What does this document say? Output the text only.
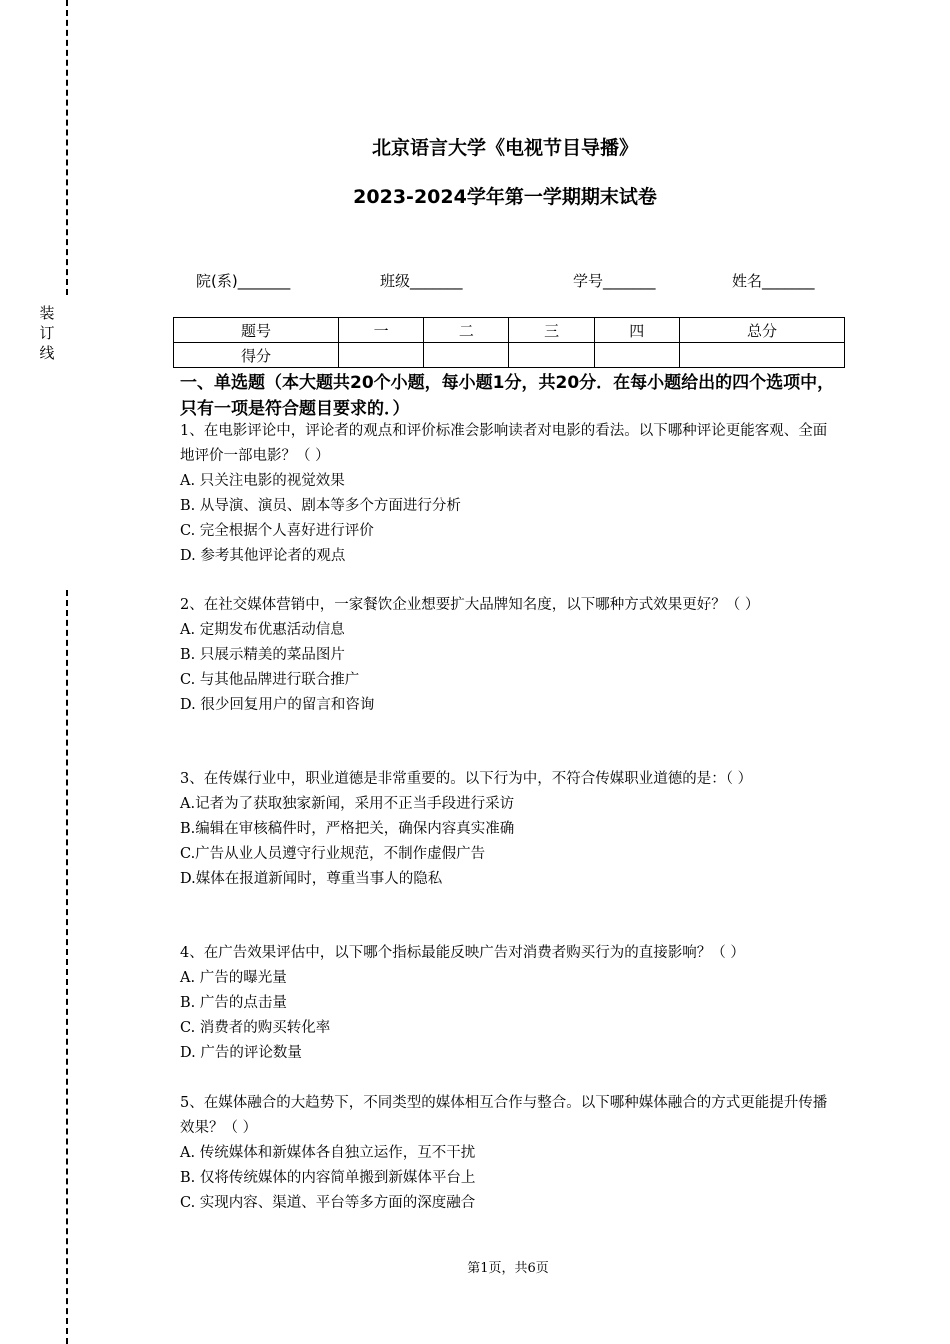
装订线
北京语言大学《电视节目导播》
2023-2024学年第一学期期末试卷
院(系)_______	班级_______	学号_______	姓名_______
题号	一	二	三	四	总分
得分					
一、单选题（本大题共20个小题，每小题1分，共20分．在每小题给出的四个选项中，只有一项是符合题目要求的．）
1、在电影评论中，评论者的观点和评价标准会影响读者对电影的看法。以下哪种评论更能客观、全面地评价一部电影？（ ）
A. 只关注电影的视觉效果
B. 从导演、演员、剧本等多个方面进行分析
C. 完全根据个人喜好进行评价
D. 参考其他评论者的观点
2、在社交媒体营销中，一家餐饮企业想要扩大品牌知名度，以下哪种方式效果更好？（ ）
A. 定期发布优惠活动信息
B. 只展示精美的菜品图片
C. 与其他品牌进行联合推广
D. 很少回复用户的留言和咨询
3、在传媒行业中，职业道德是非常重要的。以下行为中，不符合传媒职业道德的是：（ ）
A.记者为了获取独家新闻，采用不正当手段进行采访
B.编辑在审核稿件时，严格把关，确保内容真实准确
C.广告从业人员遵守行业规范，不制作虚假广告
D.媒体在报道新闻时，尊重当事人的隐私
4、在广告效果评估中，以下哪个指标最能反映广告对消费者购买行为的直接影响？（ ）
A. 广告的曝光量
B. 广告的点击量
C. 消费者的购买转化率
D. 广告的评论数量
5、在媒体融合的大趋势下，不同类型的媒体相互合作与整合。以下哪种媒体融合的方式更能提升传播效果？（ ）
A. 传统媒体和新媒体各自独立运作，互不干扰
B. 仅将传统媒体的内容简单搬到新媒体平台上
C. 实现内容、渠道、平台等多方面的深度融合
第1页，共6页
